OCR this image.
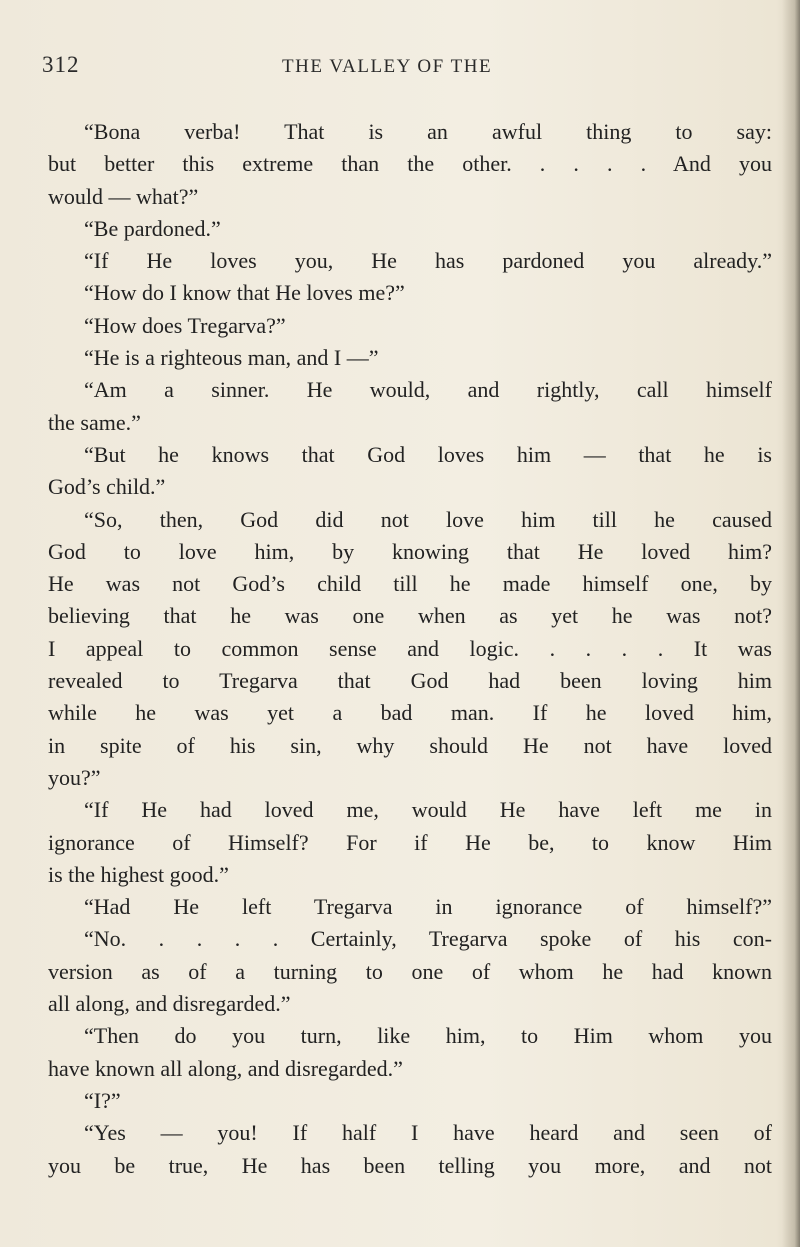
312	THE VALLEY OF THE
“Bona verba! That is an awful thing to say:
but better this extreme than the other. . . . . And you
would — what?”
“Be pardoned.”
“If He loves you, He has pardoned you already.”
“How do I know that He loves me?”
“How does Tregarva?”
“He is a righteous man, and I —”
“Am a sinner. He would, and rightly, call himself
the same.”
“But he knows that God loves him — that he is
God’s child.”
“So, then, God did not love him till he caused
God to love him, by knowing that He loved him?
He was not God’s child till he made himself one, by
believing that he was one when as yet he was not?
I appeal to common sense and logic. . . . . It was
revealed to Tregarva that God had been loving him
while he was yet a bad man. If he loved him,
in spite of his sin, why should He not have loved
you?”
“If He had loved me, would He have left me in
ignorance of Himself? For if He be, to know Him
is the highest good.”
“Had He left Tregarva in ignorance of himself?”
“No. . . . . Certainly, Tregarva spoke of his con-
version as of a turning to one of whom he had known
all along, and disregarded.”
“Then do you turn, like him, to Him whom you
have known all along, and disregarded.”
“I?”
“Yes — you! If half I have heard and seen of
you be true, He has been telling you more, and not
